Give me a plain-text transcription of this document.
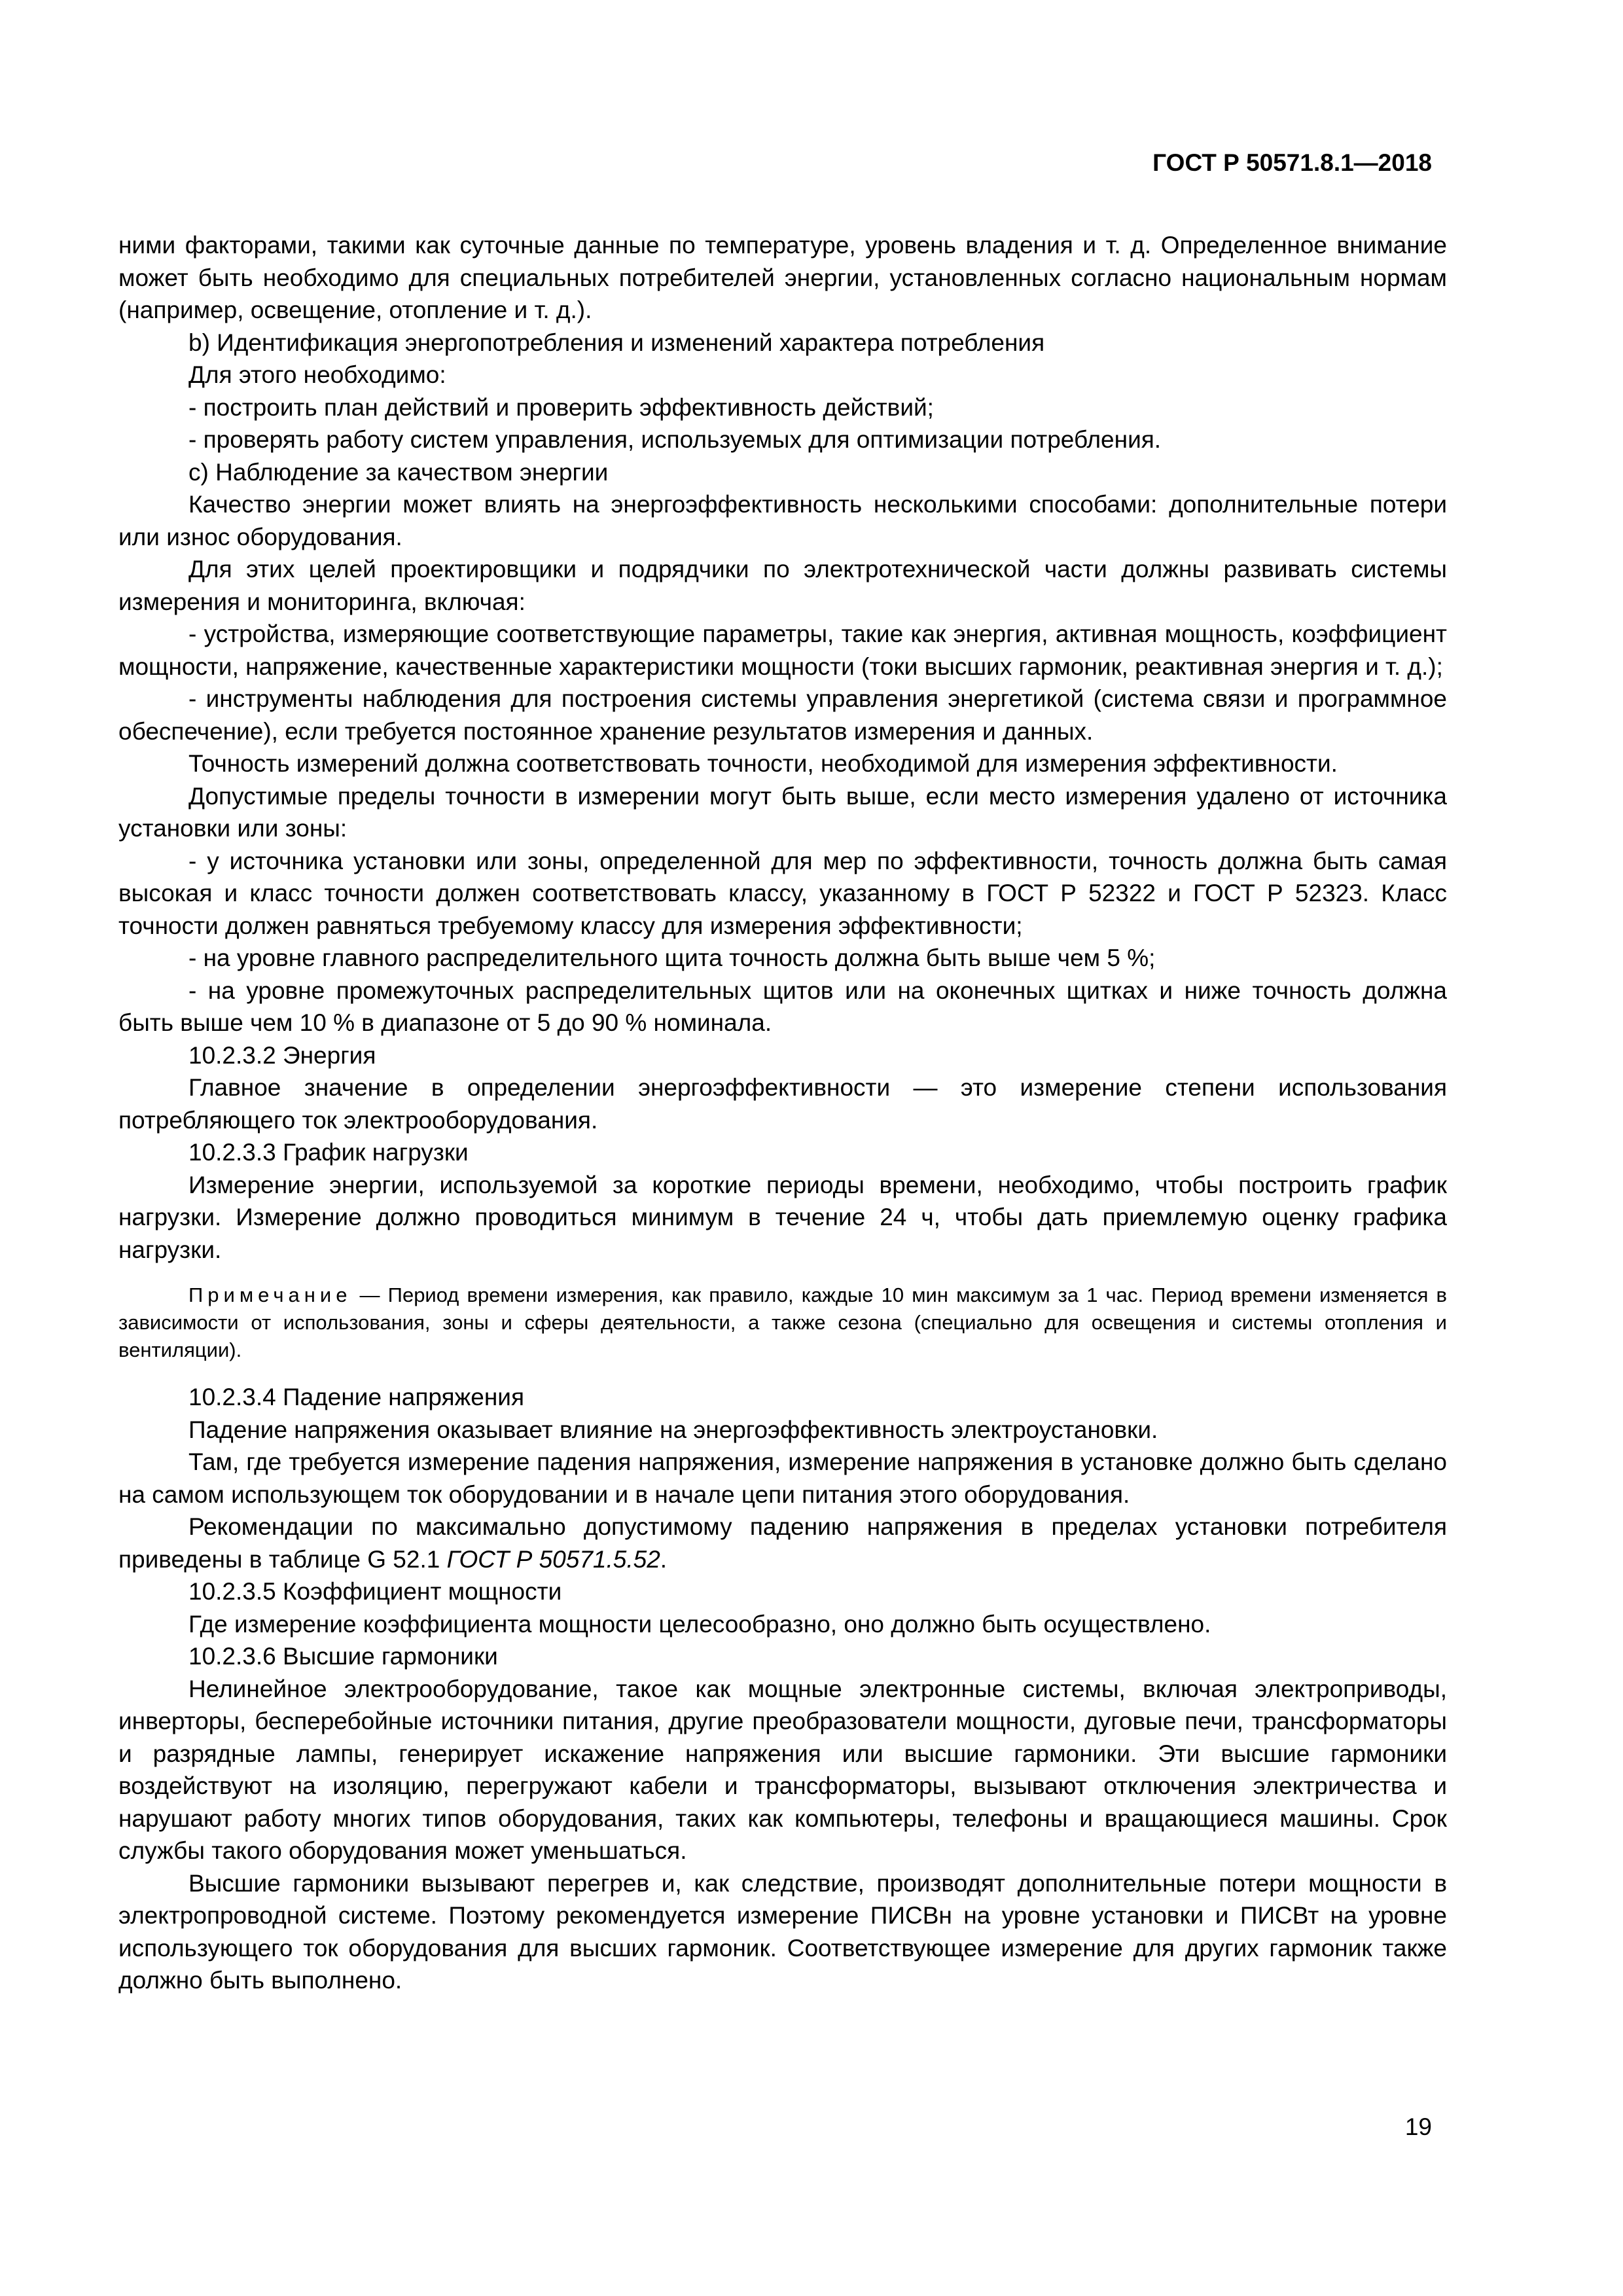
ГОСТ Р 50571.8.1—2018

ними факторами, такими как суточные данные по температуре, уровень владения и т. д. Определенное внимание может быть необходимо для специальных потребителей энергии, установленных согласно национальным нормам (например, освещение, отопление и т. д.).

b) Идентификация энергопотребления и изменений характера потребления

Для этого необходимо:

- построить план действий и проверить эффективность действий;

- проверять работу систем управления, используемых для оптимизации потребления.

c) Наблюдение за качеством энергии

Качество энергии может влиять на энергоэффективность несколькими способами: дополнительные потери или износ оборудования.

Для этих целей проектировщики и подрядчики по электротехнической части должны развивать системы измерения и мониторинга, включая:

- устройства, измеряющие соответствующие параметры, такие как энергия, активная мощность, коэффициент мощности, напряжение, качественные характеристики мощности (токи высших гармоник, реактивная энергия и т. д.);

- инструменты наблюдения для построения системы управления энергетикой (система связи и программное обеспечение), если требуется постоянное хранение результатов измерения и данных.

Точность измерений должна соответствовать точности, необходимой для измерения эффективности.

Допустимые пределы точности в измерении могут быть выше, если место измерения удалено от источника установки или зоны:

- у источника установки или зоны, определенной для мер по эффективности, точность должна быть самая высокая и класс точности должен соответствовать классу, указанному в ГОСТ Р 52322 и ГОСТ Р 52323. Класс точности должен равняться требуемому классу для измерения эффективности;

- на уровне главного распределительного щита точность должна быть выше чем 5 %;

- на уровне промежуточных распределительных щитов или на оконечных щитках и ниже точность должна быть выше чем 10 % в диапазоне от 5 до 90 % номинала.

10.2.3.2 Энергия

Главное значение в определении энергоэффективности — это измерение степени использования потребляющего ток электрооборудования.

10.2.3.3 График нагрузки

Измерение энергии, используемой за короткие периоды времени, необходимо, чтобы построить график нагрузки. Измерение должно проводиться минимум в течение 24 ч, чтобы дать приемлемую оценку графика нагрузки.

Примечание — Период времени измерения, как правило, каждые 10 мин максимум за 1 час. Период времени изменяется в зависимости от использования, зоны и сферы деятельности, а также сезона (специально для освещения и системы отопления и вентиляции).

10.2.3.4 Падение напряжения

Падение напряжения оказывает влияние на энергоэффективность электроустановки.

Там, где требуется измерение падения напряжения, измерение напряжения в установке должно быть сделано на самом использующем ток оборудовании и в начале цепи питания этого оборудования.

Рекомендации по максимально допустимому падению напряжения в пределах установки потребителя приведены в таблице G 52.1 ГОСТ Р 50571.5.52.

10.2.3.5 Коэффициент мощности

Где измерение коэффициента мощности целесообразно, оно должно быть осуществлено.

10.2.3.6 Высшие гармоники

Нелинейное электрооборудование, такое как мощные электронные системы, включая электроприводы, инверторы, бесперебойные источники питания, другие преобразователи мощности, дуговые печи, трансформаторы и разрядные лампы, генерирует искажение напряжения или высшие гармоники. Эти высшие гармоники воздействуют на изоляцию, перегружают кабели и трансформаторы, вызывают отключения электричества и нарушают работу многих типов оборудования, таких как компьютеры, телефоны и вращающиеся машины. Срок службы такого оборудования может уменьшаться.

Высшие гармоники вызывают перегрев и, как следствие, производят дополнительные потери мощности в электропроводной системе. Поэтому рекомендуется измерение ПИСВн на уровне установки и ПИСВт на уровне использующего ток оборудования для высших гармоник. Соответствующее измерение для других гармоник также должно быть выполнено.

19
